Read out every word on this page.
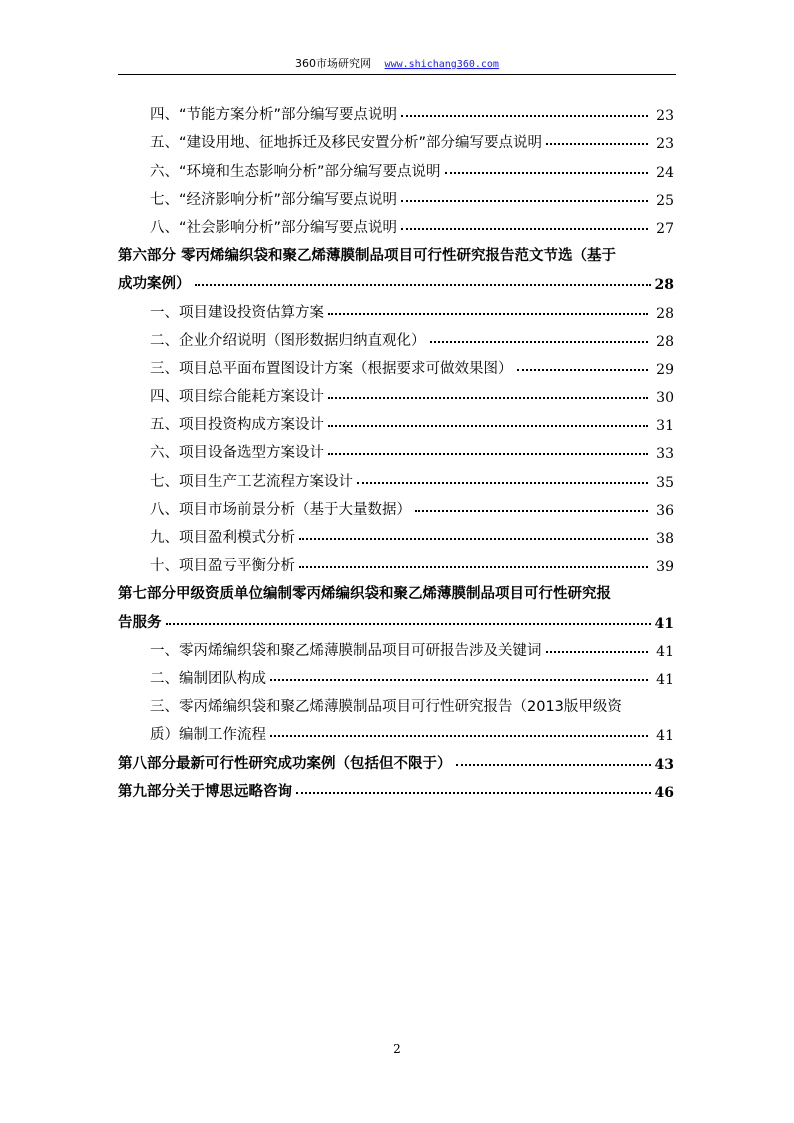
360市场研究网 www.shichang360.com
四、“节能方案分析”部分编写要点说明	23
五、“建设用地、征地拆迁及移民安置分析”部分编写要点说明	23
六、“环境和生态影响分析”部分编写要点说明	24
七、“经济影响分析”部分编写要点说明	25
八、“社会影响分析”部分编写要点说明	27
第六部分 零丙烯编织袋和聚乙烯薄膜制品项目可行性研究报告范文节选（基于
成功案例）	28
一、项目建设投资估算方案	28
二、企业介绍说明（图形数据归纳直观化）	28
三、项目总平面布置图设计方案（根据要求可做效果图）	29
四、项目综合能耗方案设计	30
五、项目投资构成方案设计	31
六、项目设备选型方案设计	33
七、项目生产工艺流程方案设计	35
八、项目市场前景分析（基于大量数据）	36
九、项目盈利模式分析	38
十、项目盈亏平衡分析	39
第七部分甲级资质单位编制零丙烯编织袋和聚乙烯薄膜制品项目可行性研究报
告服务	41
一、零丙烯编织袋和聚乙烯薄膜制品项目可研报告涉及关键词	41
二、编制团队构成	41
三、零丙烯编织袋和聚乙烯薄膜制品项目可行性研究报告（2013版甲级资
质）编制工作流程	41
第八部分最新可行性研究成功案例（包括但不限于）	43
第九部分关于博思远略咨询	46
2
